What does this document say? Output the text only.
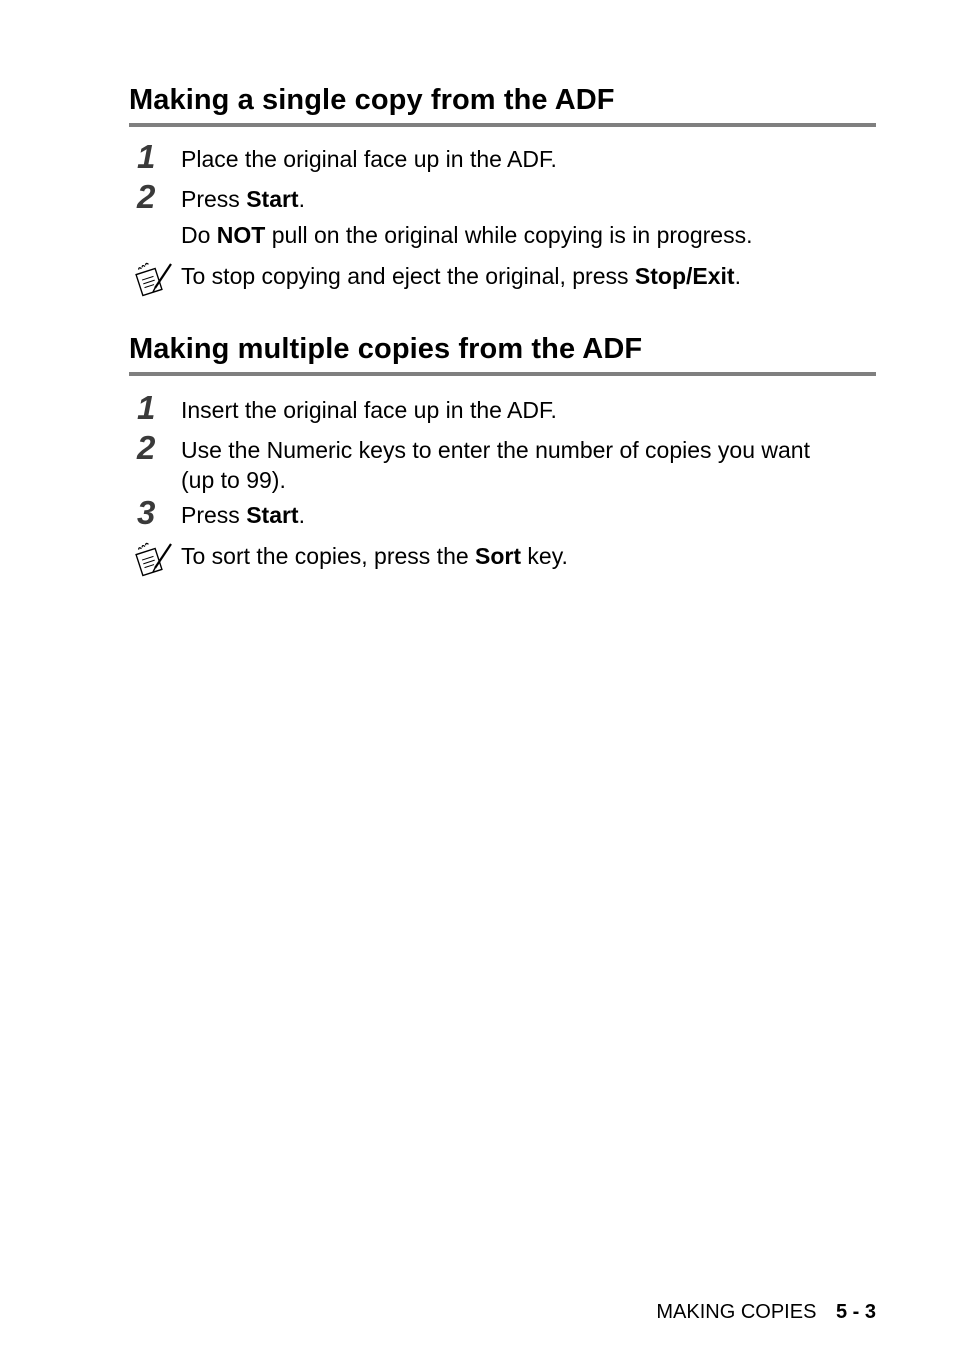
Making a single copy from the ADF
1 Place the original face up in the ADF.
2 Press Start.
Do NOT pull on the original while copying is in progress.
To stop copying and eject the original, press Stop/Exit.
Making multiple copies from the ADF
1 Insert the original face up in the ADF.
2 Use the Numeric keys to enter the number of copies you want
(up to 99).
3 Press Start.
To sort the copies, press the Sort key.
MAKING COPIES 5 - 3
